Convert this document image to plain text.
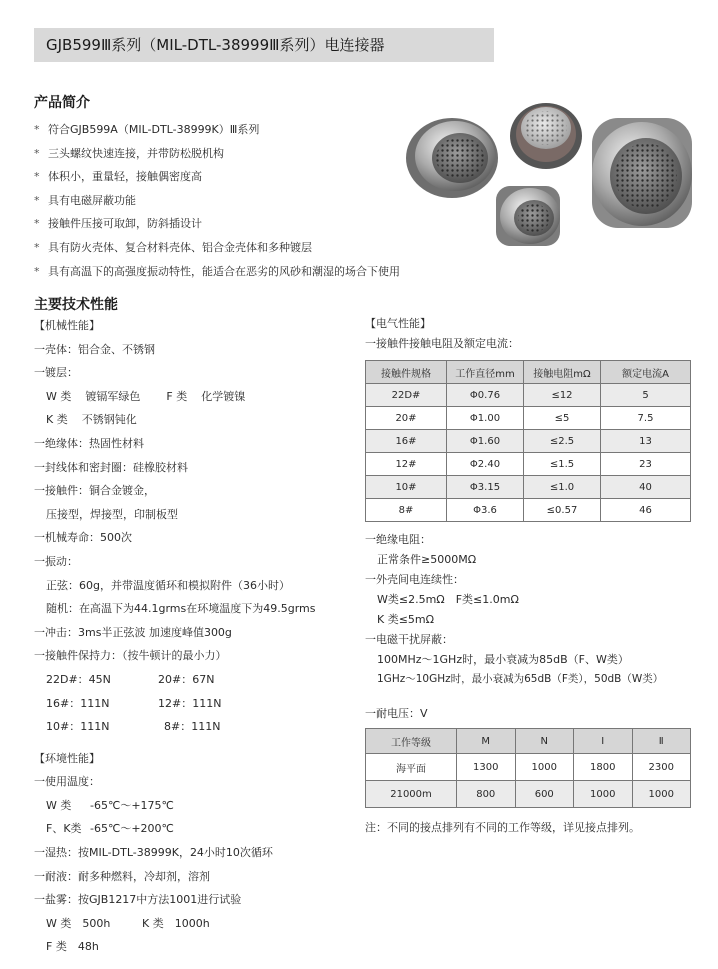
GJB599Ⅲ系列（MIL-DTL-38999Ⅲ系列）电连接器
产品简介
* 符合GJB599A（MIL-DTL-38999K）Ⅲ系列
* 三头螺纹快速连接，并带防松脱机构
* 体积小，重量轻，接触偶密度高
* 具有电磁屏蔽功能
* 接触件压接可取卸，防斜插设计
* 具有防火壳体、复合材料壳体、铝合金壳体和多种镀层
* 具有高温下的高强度振动特性，能适合在恶劣的风砂和潮湿的场合下使用
主要技术性能
【机械性能】
一壳体：铝合金、不锈钢
一镀层：
W 类 镀镉军绿色 F 类 化学镀镍
K 类 不锈钢钝化
一绝缘体：热固性材料
一封线体和密封圈：硅橡胶材料
一接触件：铜合金镀金，
压接型，焊接型，印制板型
一机械寿命：500次
一振动：
正弦：60g，并带温度循环和模拟附件（36小时）
随机：在高温下为44.1grms在环境温度下为49.5grms
一冲击：3ms半正弦波 加速度峰值300g
一接触件保持力：（按牛顿计的最小力）
22D#：45N	20#：67N
16#：111N	12#：111N
10#：111N	8#：111N
【环境性能】
一使用温度：
W 类 -65℃～+175℃
F、K类 -65℃～+200℃
一湿热：按MIL-DTL-38999K，24小时10次循环
一耐液：耐多种燃料，冷却剂，溶剂
一盐雾：按GJB1217中方法1001进行试验
W 类　500h	K 类　1000h
F 类　48h
【电气性能】
一接触件接触电阻及额定电流：
接触件规格	工作直径mm	接触电阻mΩ	额定电流A
22D#	Φ0.76	≤12	5
20#	Φ1.00	≤5	7.5
16#	Φ1.60	≤2.5	13
12#	Φ2.40	≤1.5	23
10#	Φ3.15	≤1.0	40
8#	Φ3.6	≤0.57	46
一绝缘电阻：
正常条件≥5000MΩ
一外壳间电连续性：
W类≤2.5mΩ　F类≤1.0mΩ
K 类≤5mΩ
一电磁干扰屏蔽：
100MHz～1GHz时，最小衰减为85dB（F、W类）
1GHz～10GHz时，最小衰减为65dB（F类），50dB（W类）
一耐电压：V
工作等级	M	N	Ⅰ	Ⅱ
海平面	1300	1000	1800	2300
21000m	800	600	1000	1000
注：不同的接点排列有不同的工作等级，详见接点排列。
